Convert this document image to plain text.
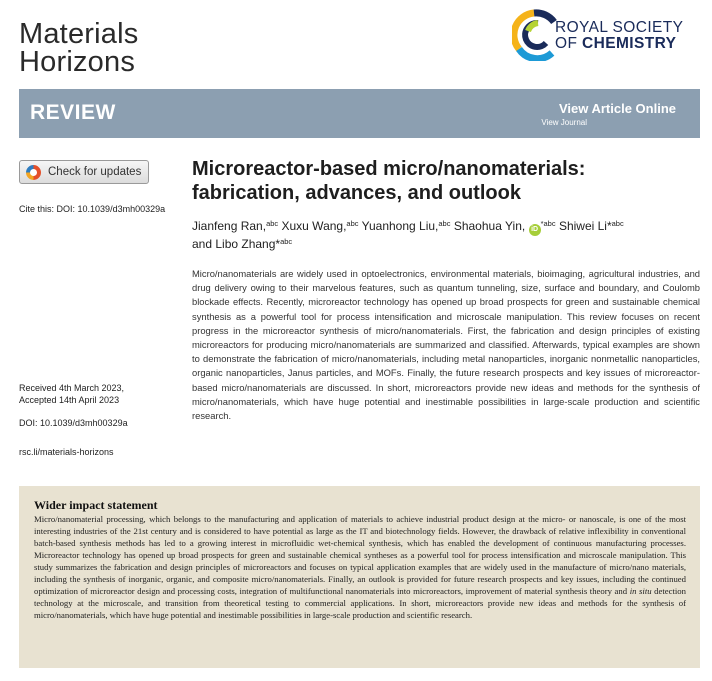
Materials
Horizons
ROYAL SOCIETY
OF CHEMISTRY
REVIEW	View Article Online
View Journal
Check for updates
Cite this: DOI: 10.1039/d3mh00329a
Received 4th March 2023,
Accepted 14th April 2023
DOI: 10.1039/d3mh00329a
rsc.li/materials-horizons
Microreactor-based micro/nanomaterials:
fabrication, advances, and outlook
Jianfeng Ran,$^{abc}$ Xuxu Wang,$^{abc}$ Yuanhong Liu,$^{abc}$ Shaohua Yin, $iD^{*abc}$ Shiwei Li*$^{abc}$
and Libo Zhang*$^{abc}$
Micro/nanomaterials are widely used in optoelectronics, environmental materials, bioimaging, agricultural industries, and drug delivery owing to their marvelous features, such as quantum tunneling, size, surface and boundary, and Coulomb blockade effects. Recently, microreactor technology has opened up broad prospects for green and sustainable chemical synthesis as a powerful tool for process intensification and microscale manipulation. This review focuses on recent progress in the microreactor synthesis of micro/nanomaterials. First, the fabrication and design principles of existing microreactors for producing micro/nanomaterials are summarized and classified. Afterwards, typical examples are shown to demonstrate the fabrication of micro/nanomaterials, including metal nanoparticles, inorganic nonmetallic nanoparticles, organic nanoparticles, Janus particles, and MOFs. Finally, the future research prospects and key issues of microreactor-based micro/nanomaterials are discussed. In short, microreactors provide new ideas and methods for the synthesis of micro/nanomaterials, which have huge potential and inestimable possibilities in large-scale production and scientific research.
Wider impact statement
Micro/nanomaterial processing, which belongs to the manufacturing and application of materials to achieve industrial product design at the micro- or nanoscale, is one of the most interesting industries of the 21st century and is considered to have potential as large as the IT and biotechnology fields. However, the drawback of relative inflexibility in conventional batch-based synthesis methods has led to a growing interest in microfluidic wet-chemical synthesis, which has enabled the development of continuous manufacturing processes. Microreactor technology has opened up broad prospects for green and sustainable chemical syntheses as a powerful tool for process intensification and microscale manipulation. This study summarizes the fabrication and design principles of microreactors and focuses on typical application examples that are widely used in the manufacture of micro/nano materials, including the synthesis of inorganic, organic, and composite micro/nanomaterials. Finally, an outlook is provided for future research prospects and key issues, including the continued optimization of microreactor design and processing costs, integration of multifunctional nanomaterials into microreactors, improvement of material synthesis theory and in situ detection technology at the microscale, and transition from theoretical testing to commercial applications. In short, microreactors provide new ideas and methods for the synthesis of micro/nanomaterials, which have huge potential and inestimable possibilities in large-scale production and scientific research.
